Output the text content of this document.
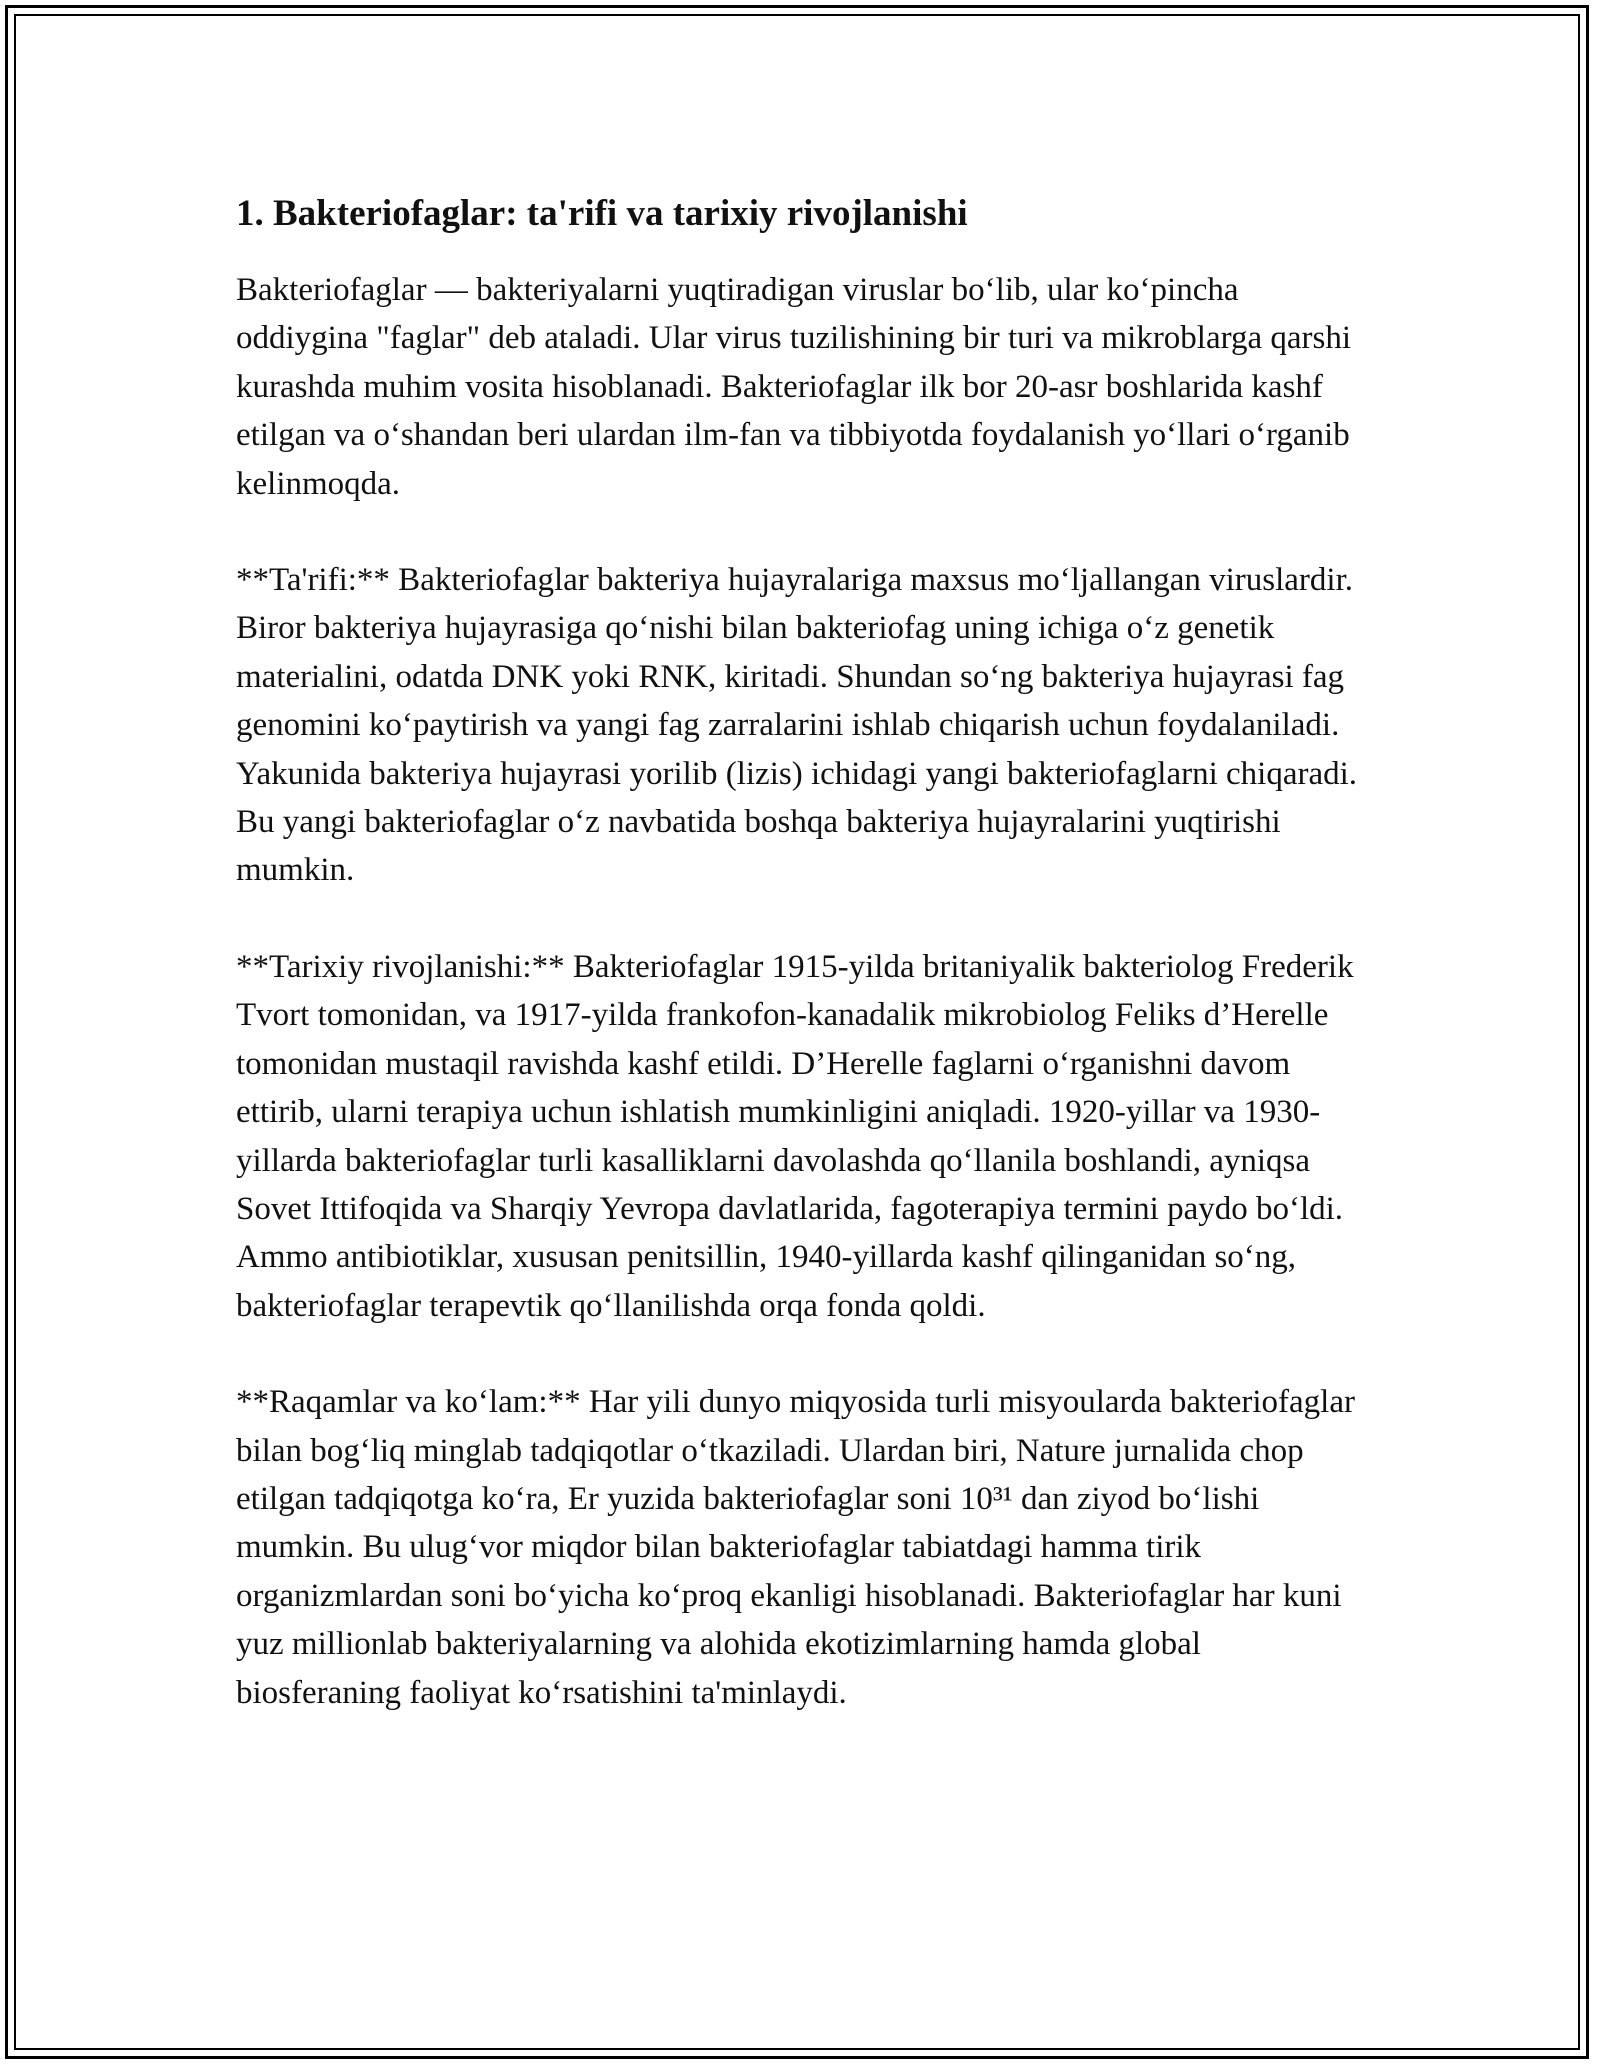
1. Bakteriofaglar: ta'rifi va tarixiy rivojlanishi

Bakteriofaglar — bakteriyalarni yuqtiradigan viruslar bo‘lib, ular ko‘pincha oddiygina "faglar" deb ataladi. Ular virus tuzilishining bir turi va mikroblarga qarshi kurashda muhim vosita hisoblanadi. Bakteriofaglar ilk bor 20-asr boshlarida kashf etilgan va o‘shandan beri ulardan ilm-fan va tibbiyotda foydalanish yo‘llari o‘rganib kelinmoqda.

**Ta'rifi:** Bakteriofaglar bakteriya hujayralariga maxsus mo‘ljallangan viruslardir. Biror bakteriya hujayrasiga qo‘nishi bilan bakteriofag uning ichiga o‘z genetik materialini, odatda DNK yoki RNK, kiritadi. Shundan so‘ng bakteriya hujayrasi fag genomini ko‘paytirish va yangi fag zarralarini ishlab chiqarish uchun foydalaniladi. Yakunida bakteriya hujayrasi yorilib (lizis) ichidagi yangi bakteriofaglarni chiqaradi. Bu yangi bakteriofaglar o‘z navbatida boshqa bakteriya hujayralarini yuqtirishi mumkin.

**Tarixiy rivojlanishi:** Bakteriofaglar 1915-yilda britaniyalik bakteriolog Frederik Tvort tomonidan, va 1917-yilda frankofon-kanadalik mikrobiolog Feliks d’Herelle tomonidan mustaqil ravishda kashf etildi. D’Herelle faglarni o‘rganishni davom ettirib, ularni terapiya uchun ishlatish mumkinligini aniqladi. 1920-yillar va 1930-yillarda bakteriofaglar turli kasalliklarni davolashda qo‘llanila boshlandi, ayniqsa Sovet Ittifoqida va Sharqiy Yevropa davlatlarida, fagoterapiya termini paydo bo‘ldi. Ammo antibiotiklar, xususan penitsillin, 1940-yillarda kashf qilinganidan so‘ng, bakteriofaglar terapevtik qo‘llanilishda orqa fonda qoldi.

**Raqamlar va ko‘lam:** Har yili dunyo miqyosida turli misyoularda bakteriofaglar bilan bog‘liq minglab tadqiqotlar o‘tkaziladi. Ulardan biri, Nature jurnalida chop etilgan tadqiqotga ko‘ra, Er yuzida bakteriofaglar soni 10³¹ dan ziyod bo‘lishi mumkin. Bu ulug‘vor miqdor bilan bakteriofaglar tabiatdagi hamma tirik organizmlardan soni bo‘yicha ko‘proq ekanligi hisoblanadi. Bakteriofaglar har kuni yuz millionlab bakteriyalarning va alohida ekotizimlarning hamda global biosferaning faoliyat ko‘rsatishini ta'minlaydi.
